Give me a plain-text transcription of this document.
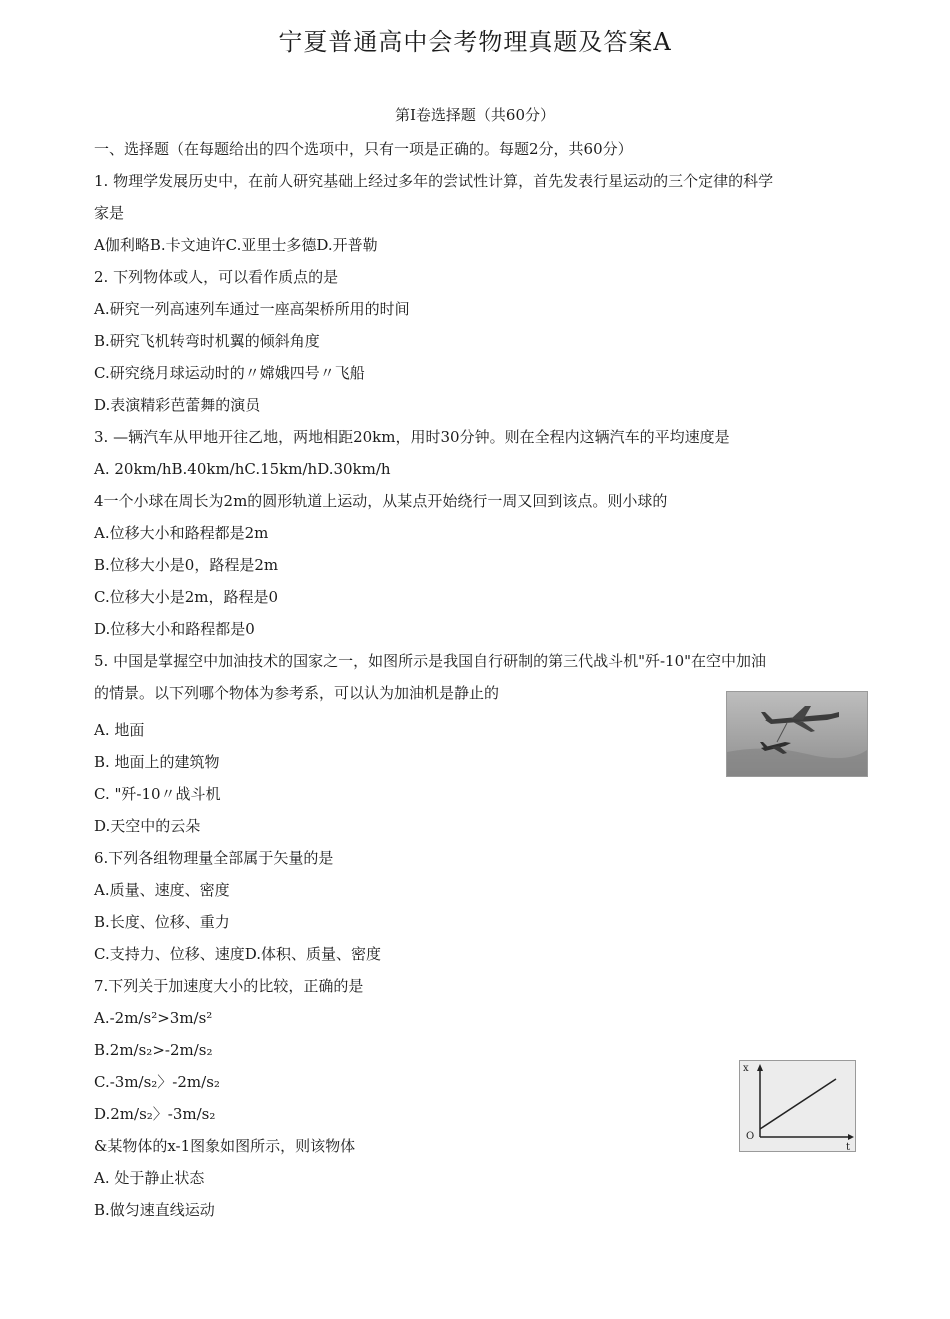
宁夏普通高中会考物理真题及答案A
第Ⅰ卷选择题（共60分）
一、选择题（在每题给出的四个选项中，只有一项是正确的。每题2分，共60分）
1. 物理学发展历史中，在前人研究基础上经过多年的尝试性计算，首先发表行星运动的三个定律的科学
家是
A伽利略B.卡文迪许C.亚里士多德D.开普勒
2. 下列物体或人，可以看作质点的是
A.研究一列高速列车通过一座高架桥所用的时间
B.研究飞机转弯时机翼的倾斜角度
C.研究绕月球运动时的〃嫦娥四号〃飞船
D.表演精彩芭蕾舞的演员
3. —辆汽车从甲地开往乙地，两地相距20km，用时30分钟。则在全程内这辆汽车的平均速度是
A. 20km/hB.40km/hC.15km/hD.30km/h
4一个小球在周长为2m的圆形轨道上运动，从某点开始绕行一周又回到该点。则小球的
A.位移大小和路程都是2m
B.位移大小是0，路程是2m
C.位移大小是2m，路程是0
D.位移大小和路程都是0
5. 中国是掌握空中加油技术的国家之一，如图所示是我国自行研制的第三代战斗机"歼-10"在空中加油
的情景。以下列哪个物体为参考系，可以认为加油机是静止的
A. 地面
B. 地面上的建筑物
C. "歼-10〃战斗机
D.天空中的云朵
6.下列各组物理量全部属于矢量的是
A.质量、速度、密度
B.长度、位移、重力
C.支持力、位移、速度D.体积、质量、密度
7.下列关于加速度大小的比较，正确的是
A.-2m/s²>3m/s²
B.2m/s₂>-2m/s₂
C.-3m/s₂〉-2m/s₂
D.2m/s₂〉-3m/s₂
&某物体的x-1图象如图所示，则该物体
A. 处于静止状态
B.做匀速直线运动
x
O
t
